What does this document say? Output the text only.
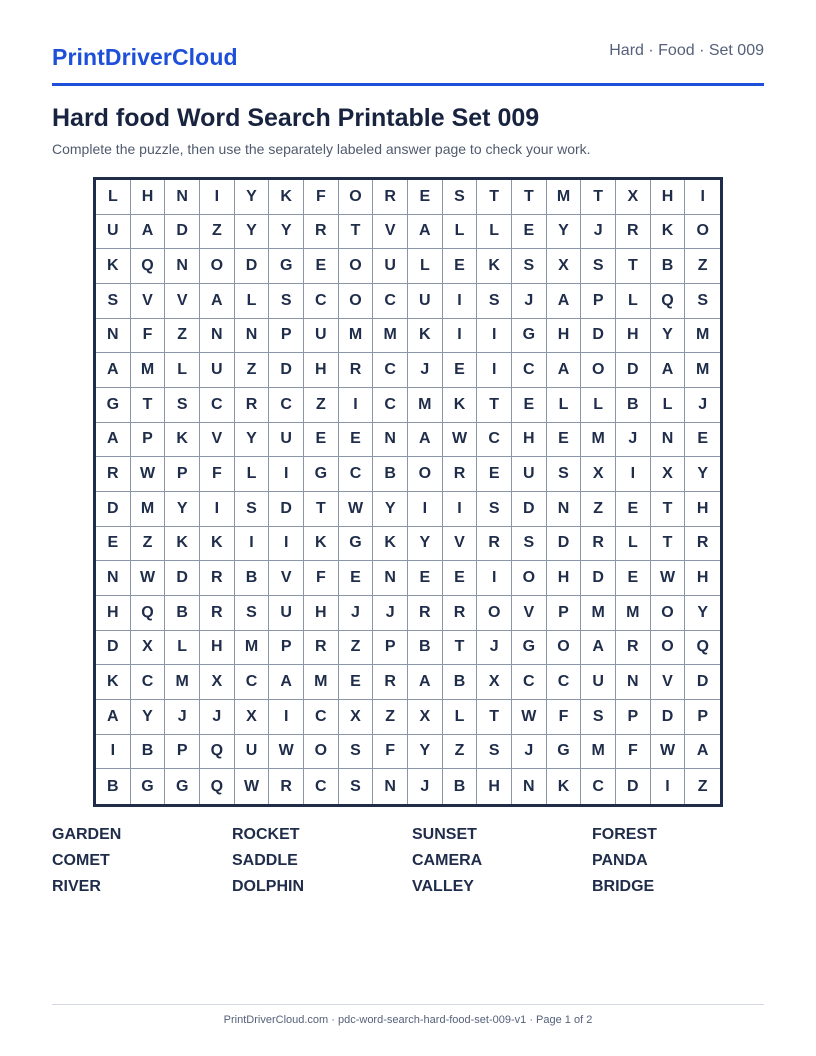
PrintDriverCloud	Hard · Food · Set 009
Hard food Word Search Printable Set 009

Complete the puzzle, then use the separately labeled answer page to check your work.

L	H	N	I	Y	K	F	O	R	E	S	T	T	M	T	X	H	I
U	A	D	Z	Y	Y	R	T	V	A	L	L	E	Y	J	R	K	O
K	Q	N	O	D	G	E	O	U	L	E	K	S	X	S	T	B	Z
S	V	V	A	L	S	C	O	C	U	I	S	J	A	P	L	Q	S
N	F	Z	N	N	P	U	M	M	K	I	I	G	H	D	H	Y	M
A	M	L	U	Z	D	H	R	C	J	E	I	C	A	O	D	A	M
G	T	S	C	R	C	Z	I	C	M	K	T	E	L	L	B	L	J
A	P	K	V	Y	U	E	E	N	A	W	C	H	E	M	J	N	E
R	W	P	F	L	I	G	C	B	O	R	E	U	S	X	I	X	Y
D	M	Y	I	S	D	T	W	Y	I	I	S	D	N	Z	E	T	H
E	Z	K	K	I	I	K	G	K	Y	V	R	S	D	R	L	T	R
N	W	D	R	B	V	F	E	N	E	E	I	O	H	D	E	W	H
H	Q	B	R	S	U	H	J	J	R	R	O	V	P	M	M	O	Y
D	X	L	H	M	P	R	Z	P	B	T	J	G	O	A	R	O	Q
K	C	M	X	C	A	M	E	R	A	B	X	C	C	U	N	V	D
A	Y	J	J	X	I	C	X	Z	X	L	T	W	F	S	P	D	P
I	B	P	Q	U	W	O	S	F	Y	Z	S	J	G	M	F	W	A
B	G	G	Q	W	R	C	S	N	J	B	H	N	K	C	D	I	Z
GARDEN	ROCKET	SUNSET	FOREST
COMET	SADDLE	CAMERA	PANDA
RIVER	DOLPHIN	VALLEY	BRIDGE
PrintDriverCloud.com · pdc-word-search-hard-food-set-009-v1 · Page 1 of 2
